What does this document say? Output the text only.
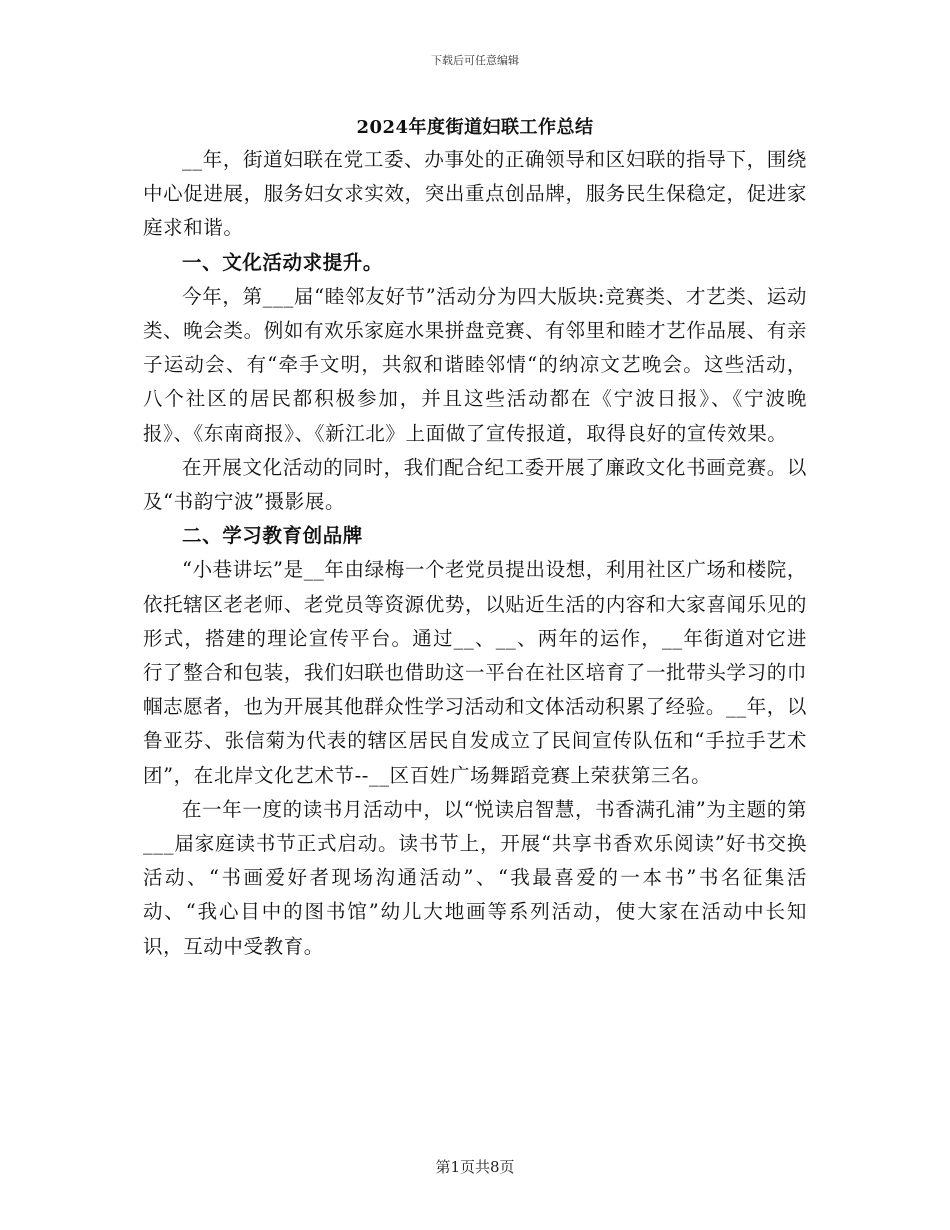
下载后可任意编辑
2024年度街道妇联工作总结

__年，街道妇联在党工委、办事处的正确领导和区妇联的指导下，围绕中心促进展，服务妇女求实效，突出重点创品牌，服务民生保稳定，促进家庭求和谐。

一、文化活动求提升。

今年，第___届“睦邻友好节”活动分为四大版块:竞赛类、才艺类、运动类、晚会类。例如有欢乐家庭水果拼盘竞赛、有邻里和睦才艺作品展、有亲子运动会、有“牵手文明，共叙和谐睦邻情“的纳凉文艺晚会。这些活动，八个社区的居民都积极参加，并且这些活动都在《宁波日报》、《宁波晚报》、《东南商报》、《新江北》上面做了宣传报道，取得良好的宣传效果。

在开展文化活动的同时，我们配合纪工委开展了廉政文化书画竞赛。以及“书韵宁波”摄影展。

二、学习教育创品牌

“小巷讲坛”是__年由绿梅一个老党员提出设想，利用社区广场和楼院，依托辖区老老师、老党员等资源优势，以贴近生活的内容和大家喜闻乐见的形式，搭建的理论宣传平台。通过__、__、两年的运作，__年街道对它进行了整合和包装，我们妇联也借助这一平台在社区培育了一批带头学习的巾帼志愿者，也为开展其他群众性学习活动和文体活动积累了经验。__年，以鲁亚芬、张信菊为代表的辖区居民自发成立了民间宣传队伍和“手拉手艺术团”，在北岸文化艺术节--__区百姓广场舞蹈竞赛上荣获第三名。

在一年一度的读书月活动中，以“悦读启智慧，书香满孔浦”为主题的第___届家庭读书节正式启动。读书节上，开展“共享书香欢乐阅读”好书交换活动、“书画爱好者现场沟通活动”、“我最喜爱的一本书”书名征集活动、“我心目中的图书馆”幼儿大地画等系列活动，使大家在活动中长知识，互动中受教育。

第1页共8页
